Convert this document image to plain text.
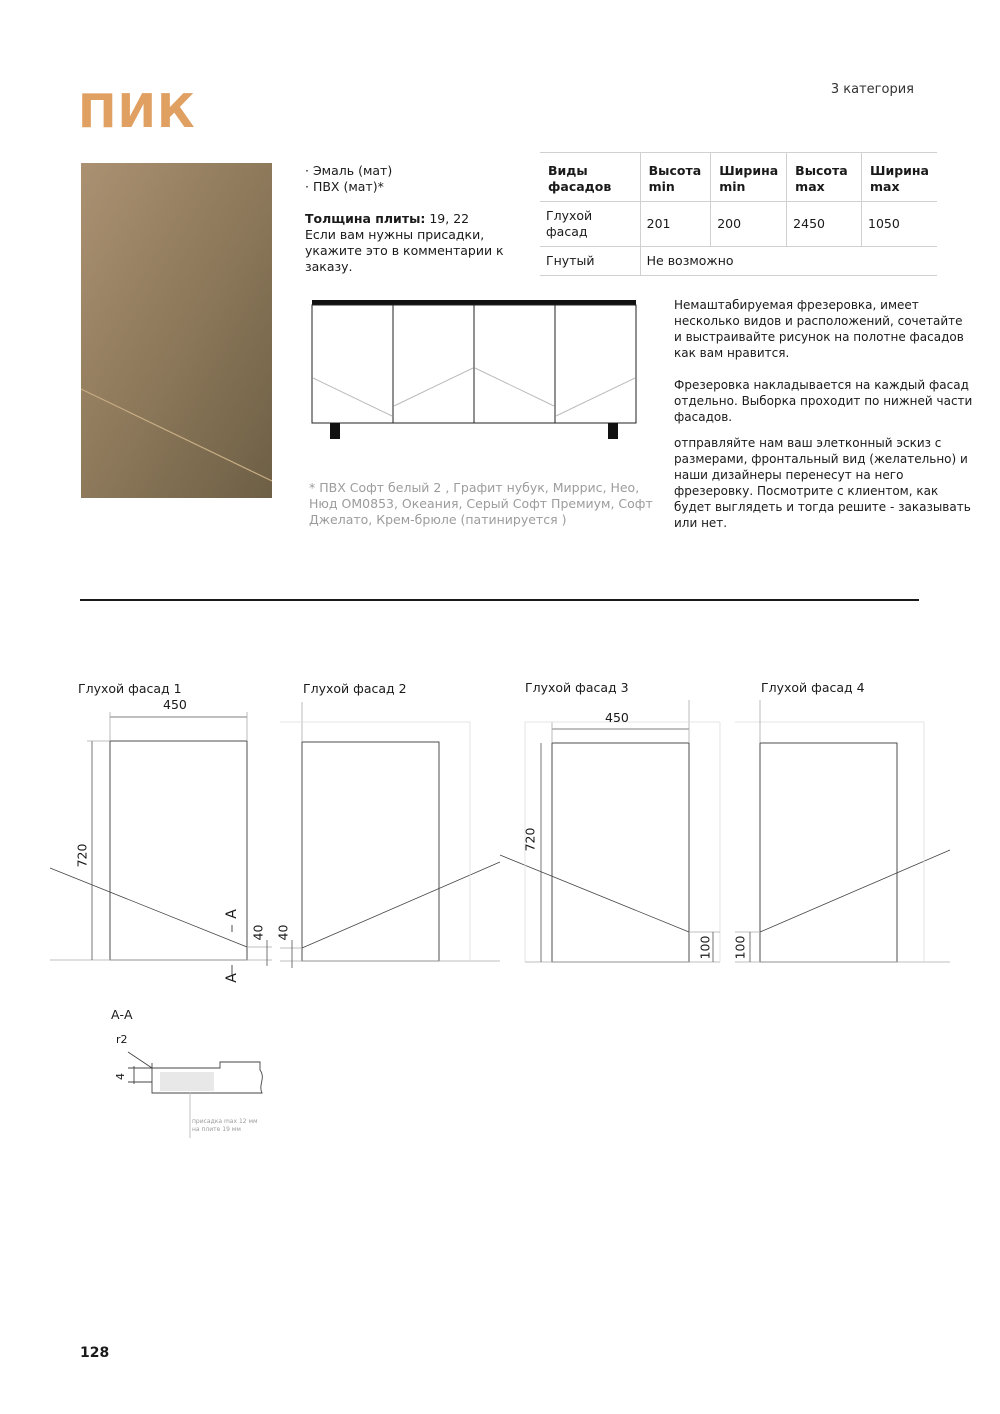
ПИК	3 категория
· Эмаль (мат)
· ПВХ (мат)*
Толщина плиты: 19, 22
Если вам нужны присадки, укажите это в комментарии к заказу.
Виды фасадов	Высота min	Ширина min	Высота max	Ширина max
Глухой фасад	201	200	2450	1050
Гнутый	Не возможно			
* ПВХ Софт белый 2 , Графит нубук, Миррис, Нео, Нюд ОМ0853, Океания, Серый Софт Премиум, Софт Джелато, Крем-брюле (патинируется )
Немаштабируемая фрезеровка, имеет несколько видов и расположений, сочетайте и выстраивайте рисунок на полотне фасадов как вам нравится.
Фрезеровка накладывается на каждый фасад отдельно. Выборка проходит по нижней части фасадов.
отправляйте нам ваш элетконный эскиз с размерами, фронтальный вид (желательно) и наши дизайнеры перенесут на него фрезеровку. Посмотрите с клиентом, как будет выглядеть и тогда решите - заказывать или нет.
Глухой фасад 1
450
720
40
A
A
Глухой фасад 2
40
Глухой фасад 3
450
720
100
Глухой фасад 4
100
А-А
r2
4
присадка max 12 мм
на плите 19 мм
128
